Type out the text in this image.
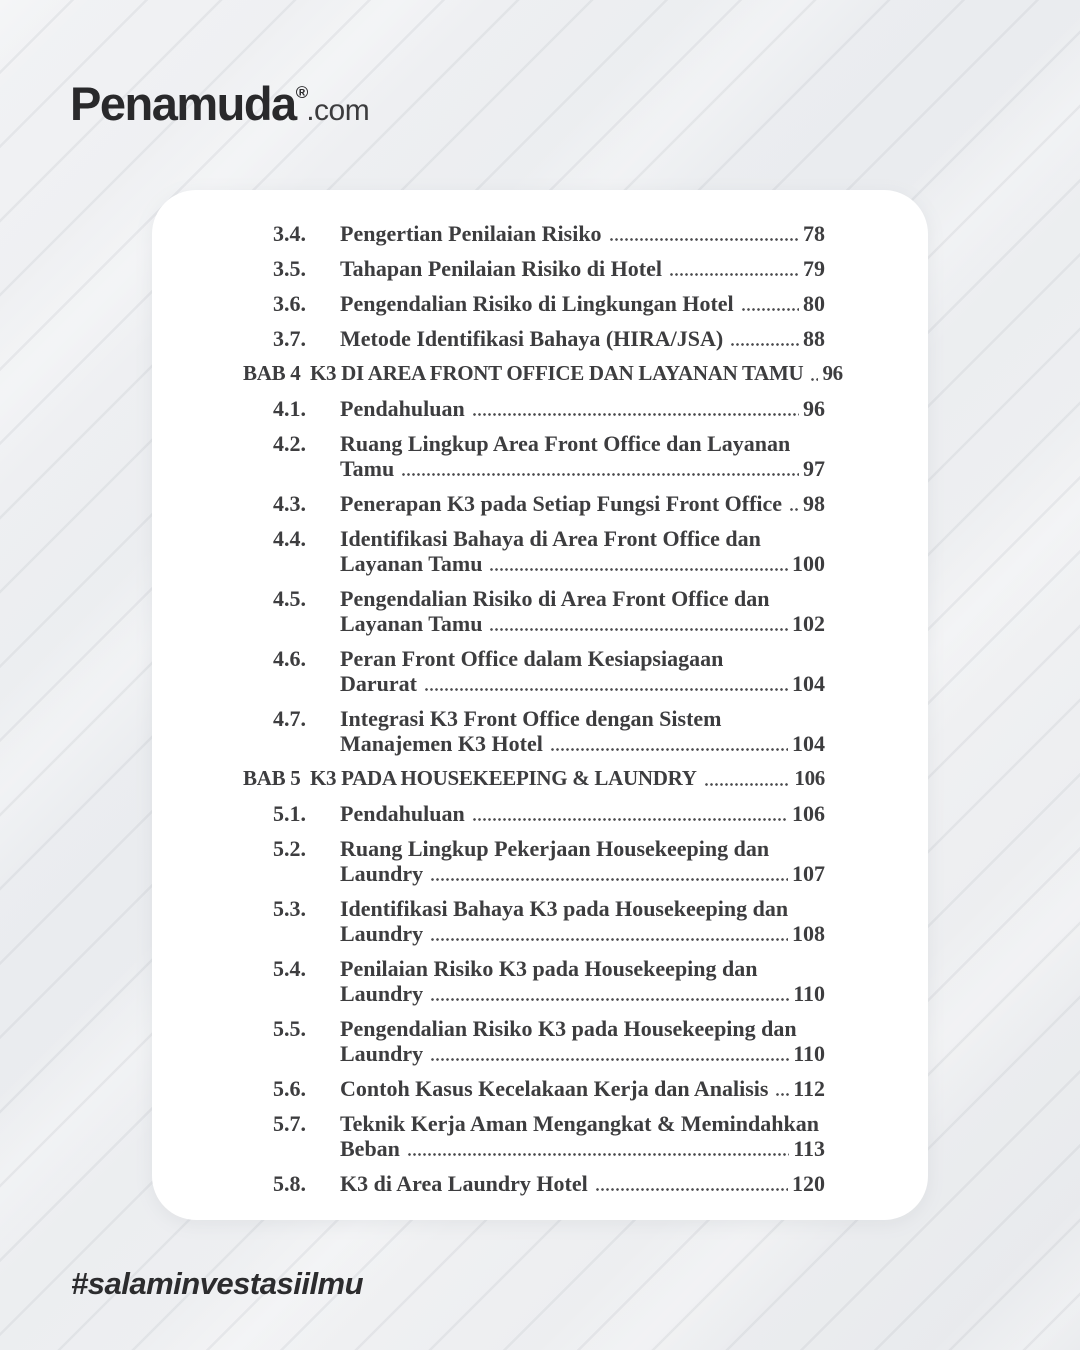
Penamuda®.com
3.4.	Pengertian Penilaian Risiko	78
3.5.	Tahapan Penilaian Risiko di Hotel	79
3.6.	Pengendalian Risiko di Lingkungan Hotel	80
3.7.	Metode Identifikasi Bahaya (HIRA/JSA)	88
BAB 4 K3 DI AREA FRONT OFFICE DAN LAYANAN TAMU 96
4.1.	Pendahuluan	96
4.2.	Ruang Lingkup Area Front Office dan Layanan
Tamu	97
4.3.	Penerapan K3 pada Setiap Fungsi Front Office 98
4.4.	Identifikasi Bahaya di Area Front Office dan
Layanan Tamu	100
4.5.	Pengendalian Risiko di Area Front Office dan
Layanan Tamu	102
4.6.	Peran Front Office dalam Kesiapsiagaan
Darurat	104
4.7.	Integrasi K3 Front Office dengan Sistem
Manajemen K3 Hotel	104
BAB 5 K3 PADA HOUSEKEEPING & LAUNDRY	106
5.1.	Pendahuluan	106
5.2.	Ruang Lingkup Pekerjaan Housekeeping dan
Laundry	107
5.3.	Identifikasi Bahaya K3 pada Housekeeping dan
Laundry	108
5.4.	Penilaian Risiko K3 pada Housekeeping dan
Laundry	110
5.5.	Pengendalian Risiko K3 pada Housekeeping dan
Laundry	110
5.6.	Contoh Kasus Kecelakaan Kerja dan Analisis 112
5.7.	Teknik Kerja Aman Mengangkat & Memindahkan
Beban	113
5.8.	K3 di Area Laundry Hotel	120
#salaminvestasiilmu
